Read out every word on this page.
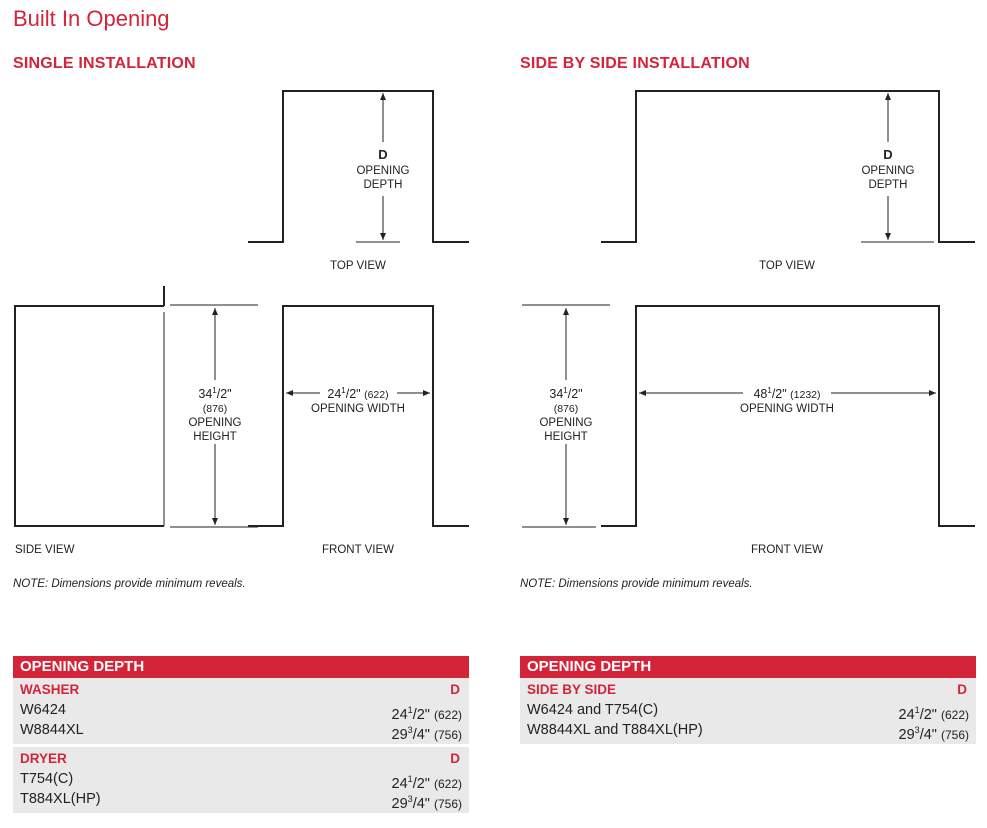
Built In Opening
SINGLE INSTALLATION	SIDE BY SIDE INSTALLATION
D
OPENING
DEPTH
TOP VIEW
SIDE VIEW
$34^1/2$"
(876)
OPENING
HEIGHT
$24^1/2$" (622)
OPENING WIDTH
FRONT VIEW
D
OPENING
DEPTH
TOP VIEW
$34^1/2$"
(876)
OPENING
HEIGHT
$48^1/2$" (1232)
OPENING WIDTH
FRONT VIEW
NOTE: Dimensions provide minimum reveals.	NOTE: Dimensions provide minimum reveals.
OPENING DEPTH
WASHER	D
W6424	$24^1/2$" (622)
W8844XL	$29^3/4$" (756)
DRYER	D
T754(C)	$24^1/2$" (622)
T884XL(HP)	$29^3/4$" (756)
OPENING DEPTH
SIDE BY SIDE	D
W6424 and T754(C)	$24^1/2$" (622)
W8844XL and T884XL(HP)	$29^3/4$" (756)
